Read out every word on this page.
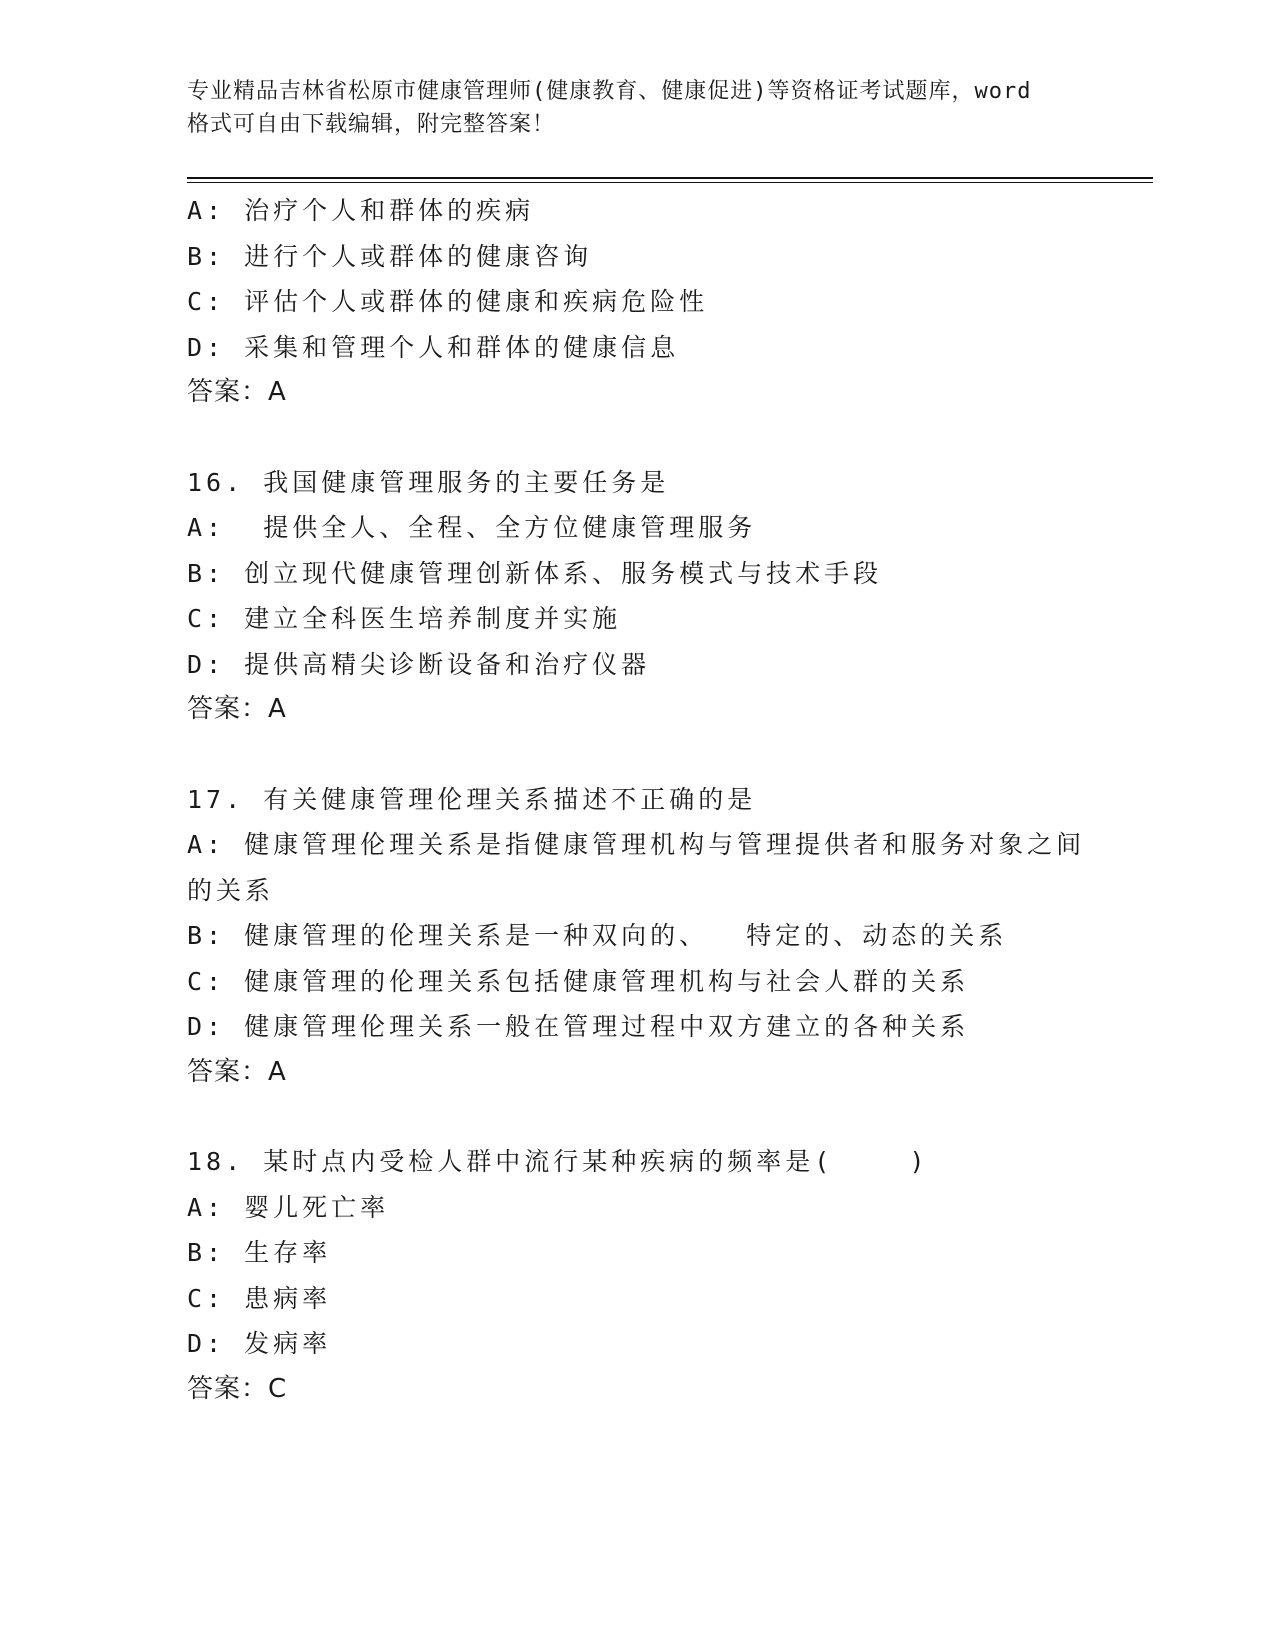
专业精品吉林省松原市健康管理师(健康教育、健康促进)等资格证考试题库，word
格式可自由下载编辑，附完整答案！
A: 治疗个人和群体的疾病
B: 进行个人或群体的健康咨询
C: 评估个人或群体的健康和疾病危险性
D: 采集和管理个人和群体的健康信息
答案：A
16. 我国健康管理服务的主要任务是
A:  提供全人、全程、全方位健康管理服务
B: 创立现代健康管理创新体系、服务模式与技术手段
C: 建立全科医生培养制度并实施
D: 提供高精尖诊断设备和治疗仪器
答案：A
17. 有关健康管理伦理关系描述不正确的是
A: 健康管理伦理关系是指健康管理机构与管理提供者和服务对象之间
的关系
B: 健康管理的伦理关系是一种双向的、  特定的、动态的关系
C: 健康管理的伦理关系包括健康管理机构与社会人群的关系
D: 健康管理伦理关系一般在管理过程中双方建立的各种关系
答案：A
18. 某时点内受检人群中流行某种疾病的频率是(    )
A: 婴儿死亡率
B: 生存率
C: 患病率
D: 发病率
答案：C
